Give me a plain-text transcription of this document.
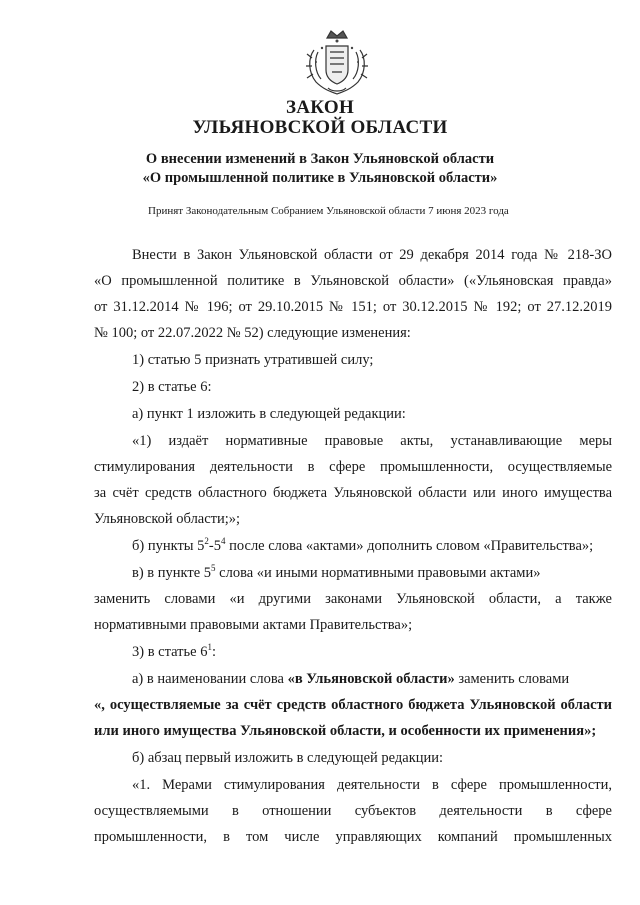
ЗАКОН
УЛЬЯНОВСКОЙ ОБЛАСТИ
О внесении изменений в Закон Ульяновской области
«О промышленной политике в Ульяновской области»
Принят Законодательным Собранием Ульяновской области 7 июня 2023 года
Внести в Закон Ульяновской области от 29 декабря 2014 года № 218-ЗО
«О промышленной политике в Ульяновской области» («Ульяновская правда»
от 31.12.2014 № 196; от 29.10.2015 № 151; от 30.12.2015 № 192; от 27.12.2019
№ 100; от 22.07.2022 № 52) следующие изменения:
1) статью 5 признать утратившей силу;
2) в статье 6:
а) пункт 1 изложить в следующей редакции:
«1) издаёт нормативные правовые акты, устанавливающие меры
стимулирования деятельности в сфере промышленности, осуществляемые
за счёт средств областного бюджета Ульяновской области или иного имущества
Ульяновской области;»;
б) пункты $5^2-5^4$ после слова «актами» дополнить словом «Правительства»;
в) в пункте $5^5$ слова «и иными нормативными правовыми актами»
заменить словами «и другими законами Ульяновской области, а также
нормативными правовыми актами Правительства»;
3) в статье $6^1$:
а) в наименовании слова «в Ульяновской области» заменить словами
«, осуществляемые за счёт средств областного бюджета Ульяновской области
или иного имущества Ульяновской области, и особенности их применения»;
б) абзац первый изложить в следующей редакции:
«1. Мерами стимулирования деятельности в сфере промышленности,
осуществляемыми в отношении субъектов деятельности в сфере
промышленности, в том числе управляющих компаний промышленных
